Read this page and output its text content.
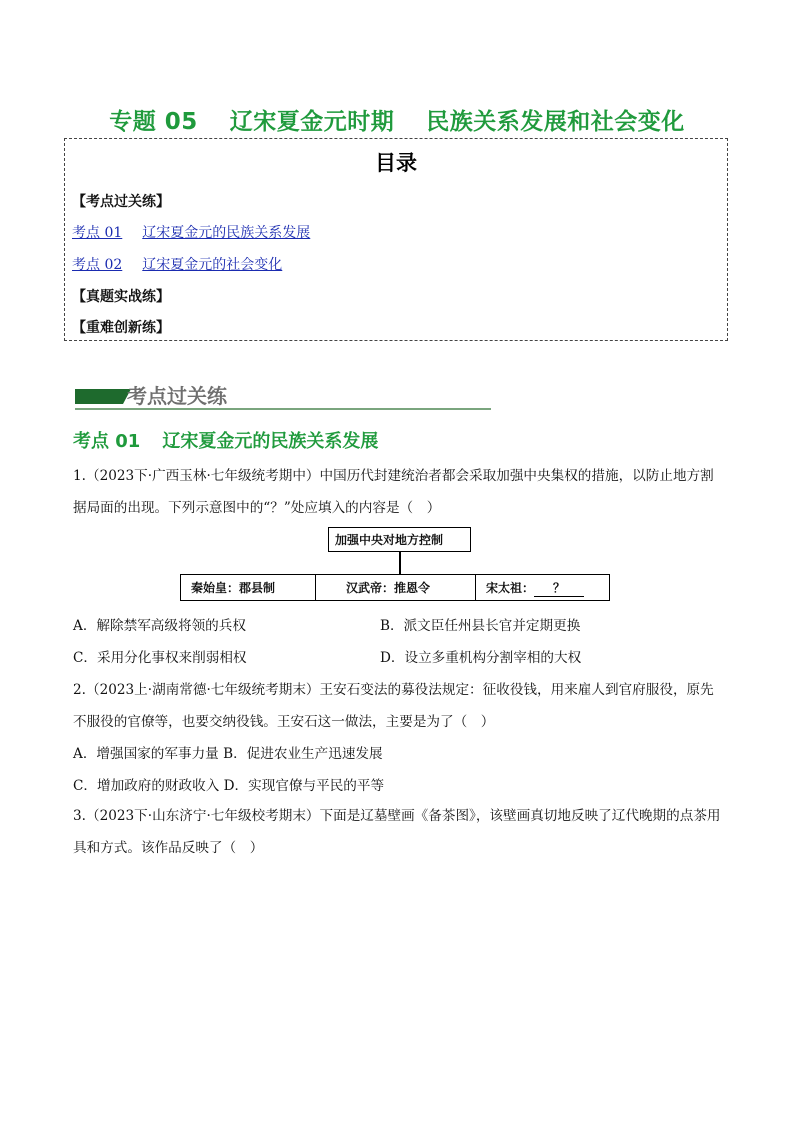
专题 05 辽宋夏金元时期 民族关系发展和社会变化
目录
【考点过关练】
考点 01 辽宋夏金元的民族关系发展
考点 02 辽宋夏金元的社会变化
【真题实战练】
【重难创新练】
考点过关练
考点 01 辽宋夏金元的民族关系发展
1.（2023下·广西玉林·七年级统考期中）中国历代封建统治者都会采取加强中央集权的措施，以防止地方割据局面的出现。下列示意图中的“？”处应填入的内容是（　）
加强中央对地方控制
秦始皇：郡县制	汉武帝：推恩令	宋太祖：	？
A．解除禁军高级将领的兵权	B．派文臣任州县长官并定期更换
C．采用分化事权来削弱相权	D．设立多重机构分割宰相的大权
2.（2023上·湖南常德·七年级统考期末）王安石变法的募役法规定：征收役钱，用来雇人到官府服役，原先不服役的官僚等，也要交纳役钱。王安石这一做法，主要是为了（　）
A．增强国家的军事力量 B．促进农业生产迅速发展
C．增加政府的财政收入 D．实现官僚与平民的平等
3.（2023下·山东济宁·七年级校考期末）下面是辽墓壁画《备茶图》，该壁画真切地反映了辽代晚期的点茶用具和方式。该作品反映了（　）
